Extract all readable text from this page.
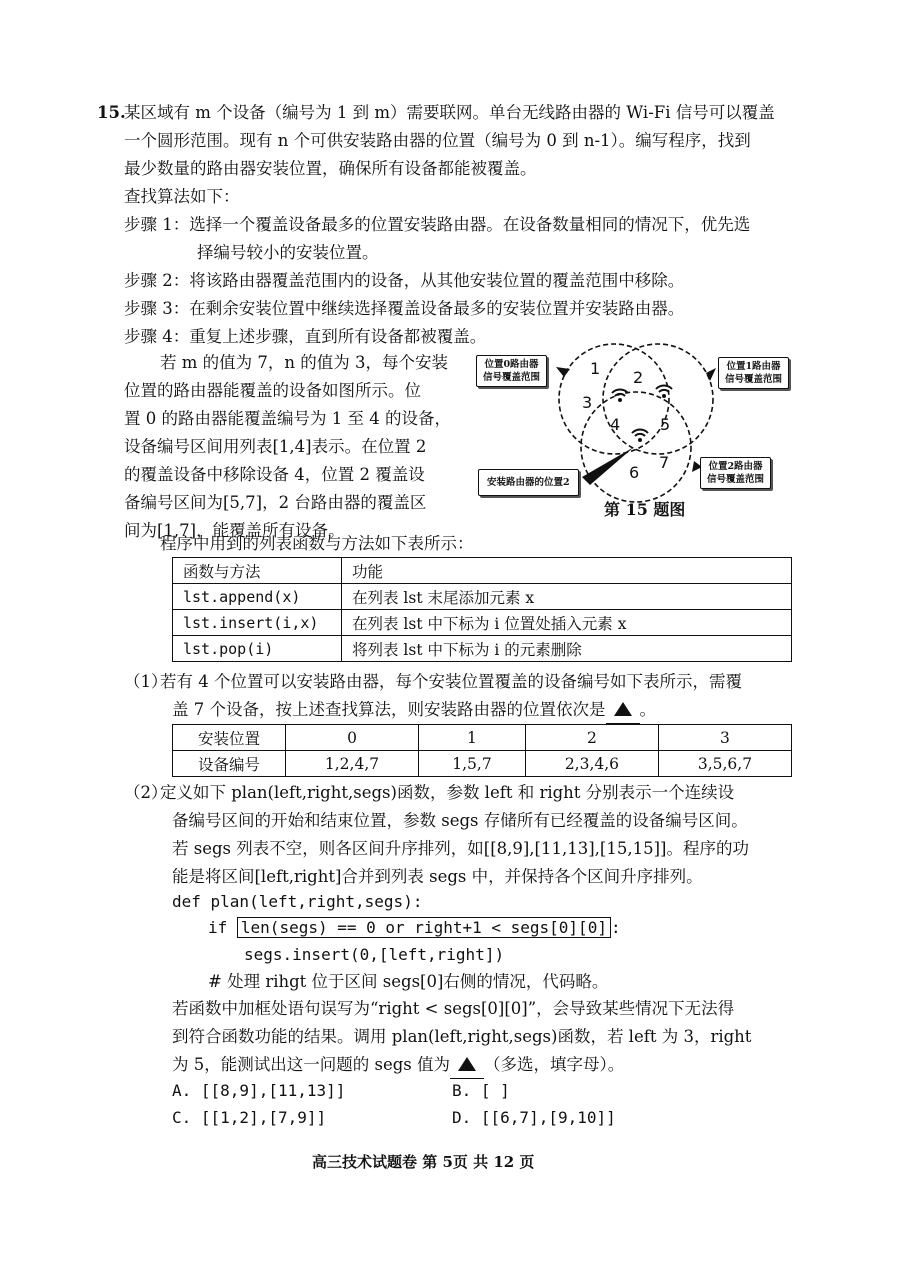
15.
某区域有 m 个设备（编号为 1 到 m）需要联网。单台无线路由器的 Wi-Fi 信号可以覆盖
一个圆形范围。现有 n 个可供安装路由器的位置（编号为 0 到 n-1）。编写程序，找到
最少数量的路由器安装位置，确保所有设备都能被覆盖。
查找算法如下：
步骤 1：选择一个覆盖设备最多的位置安装路由器。在设备数量相同的情况下，优先选
择编号较小的安装位置。
步骤 2：将该路由器覆盖范围内的设备，从其他安装位置的覆盖范围中移除。
步骤 3：在剩余安装位置中继续选择覆盖设备最多的安装位置并安装路由器。
步骤 4：重复上述步骤，直到所有设备都被覆盖。
若 m 的值为 7，n 的值为 3，每个安装
位置的路由器能覆盖的设备如图所示。位
置 0 的路由器能覆盖编号为 1 至 4 的设备，
设备编号区间用列表[1,4]表示。在位置 2
的覆盖设备中移除设备 4，位置 2 覆盖设
备编号区间为[5,7]，2 台路由器的覆盖区
间为[1,7]，能覆盖所有设备。
1 2
3
4 5
6
7
位置0路由器
信号覆盖范围
位置1路由器
信号覆盖范围
位置2路由器
信号覆盖范围
安装路由器的位置2
第 15 题图
程序中用到的列表函数与方法如下表所示：
函数与方法	功能
lst.append(x)	在列表 lst 末尾添加元素 x
lst.insert(i,x)	在列表 lst 中下标为 i 位置处插入元素 x
lst.pop(i)	将列表 lst 中下标为 i 的元素删除
（1）
若有 4 个位置可以安装路由器，每个安装位置覆盖的设备编号如下表所示，需覆
盖 7 个设备，按上述查找算法，则安装路由器的位置依次是 。
安装位置	0	1	2	3
设备编号	1,2,4,7	1,5,7	2,3,4,6	3,5,6,7
（2）
定义如下 plan(left,right,segs)函数，参数 left 和 right 分别表示一个连续设
备编号区间的开始和结束位置，参数 segs 存储所有已经覆盖的设备编号区间。
若 segs 列表不空，则各区间升序排列，如[[8,9],[11,13],[15,15]]。程序的功
能是将区间[left,right]合并到列表 segs 中，并保持各个区间升序排列。
def plan(left,right,segs):
if len(segs) == 0 or right+1 < segs[0][0] :
segs.insert(0,[left,right])
# 处理 rihgt 位于区间 segs[0]右侧的情况，代码略。
若函数中加框处语句误写为“right < segs[0][0]”，会导致某些情况下无法得
到符合函数功能的结果。调用 plan(left,right,segs)函数，若 left 为 3，right
为 5，能测试出这一问题的 segs 值为 （多选，填字母）。
A. [[8,9],[11,13]]	B. [ ]
C. [[1,2],[7,9]]	D. [[6,7],[9,10]]
高三技术试题卷 第 5页 共 12 页
